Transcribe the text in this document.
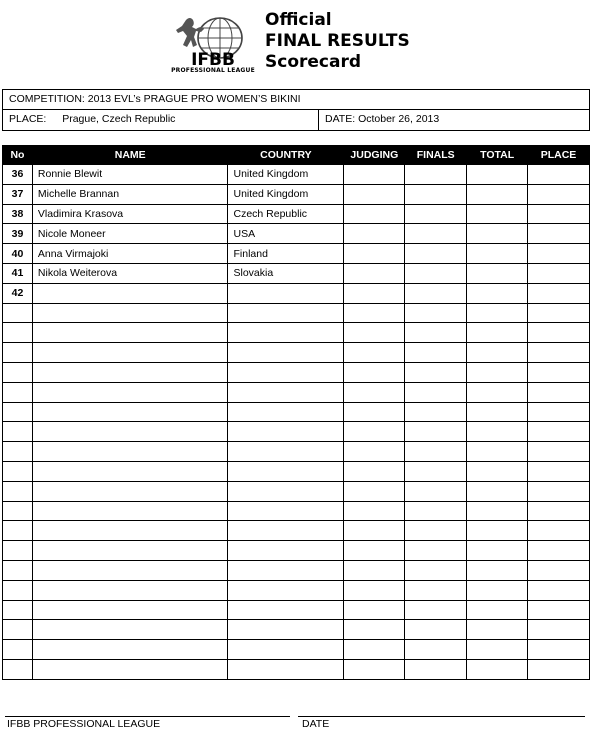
IFBB
PROFESSIONAL LEAGUE
Official
FINAL RESULTS
Scorecard
COMPETITION: 2013 EVL’s PRAGUE PRO WOMEN’S BIKINI
PLACE: Prague, Czech Republic	DATE: October 26, 2013
No	NAME	COUNTRY	JUDGING	FINALS	TOTAL	PLACE
36	Ronnie Blewit	United Kingdom				
37	Michelle Brannan	United Kingdom				
38	Vladimira Krasova	Czech Republic				
39	Nicole Moneer	USA				
40	Anna Virmajoki	Finland				
41	Nikola Weiterova	Slovakia				
42						

IFBB PROFESSIONAL LEAGUE	DATE
